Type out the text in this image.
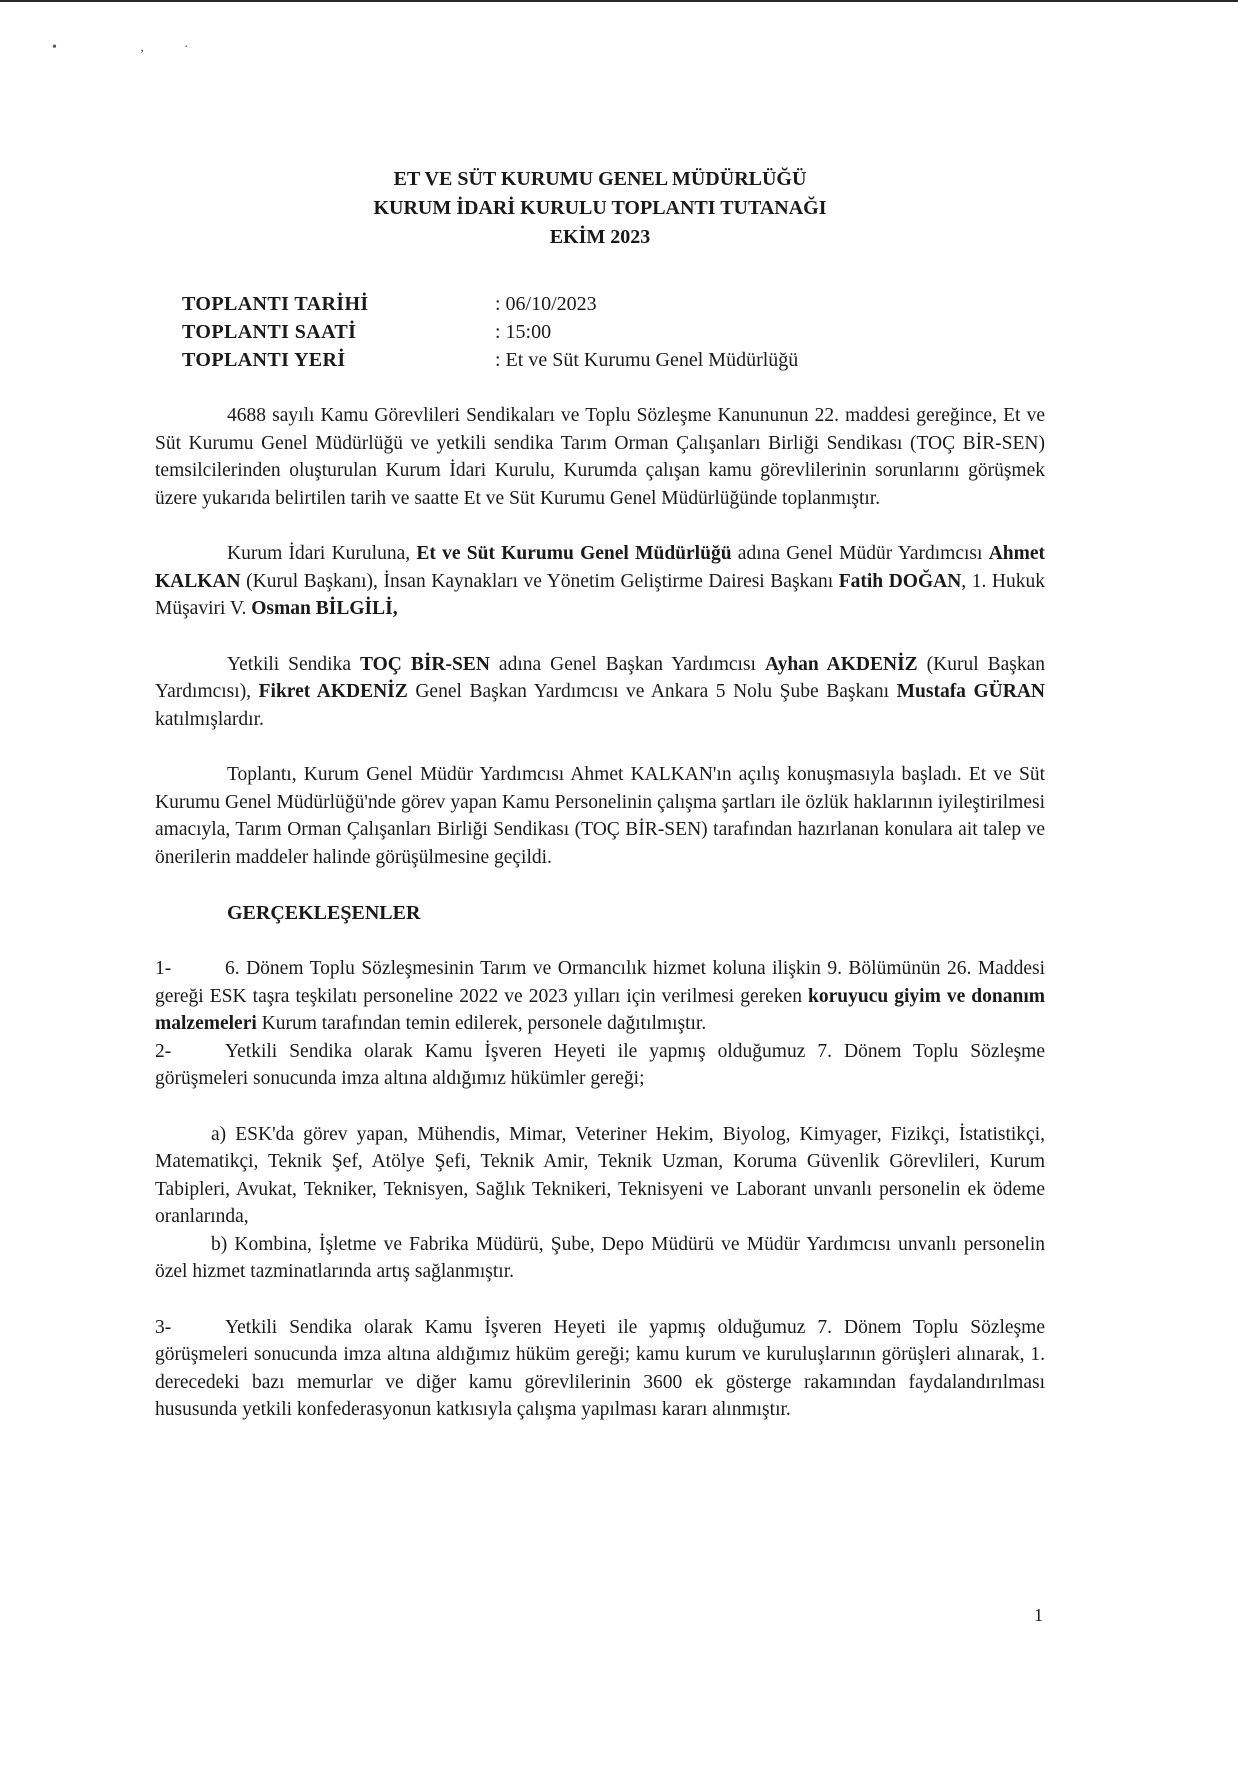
• ,·

ET VE SÜT KURUMU GENEL MÜDÜRLÜĞÜ

KURUM İDARİ KURULU TOPLANTI TUTANAĞI

EKİM 2023

TOPLANTI TARİHİ	: 06/10/2023
TOPLANTI SAATİ	: 15:00
TOPLANTI YERİ	: Et ve Süt Kurumu Genel Müdürlüğü

4688 sayılı Kamu Görevlileri Sendikaları ve Toplu Sözleşme Kanununun 22. maddesi gereğince, Et ve Süt Kurumu Genel Müdürlüğü ve yetkili sendika Tarım Orman Çalışanları Birliği Sendikası (TOÇ BİR-SEN) temsilcilerinden oluşturulan Kurum İdari Kurulu, Kurumda çalışan kamu görevlilerinin sorunlarını görüşmek üzere yukarıda belirtilen tarih ve saatte Et ve Süt Kurumu Genel Müdürlüğünde toplanmıştır.

Kurum İdari Kuruluna, Et ve Süt Kurumu Genel Müdürlüğü adına Genel Müdür Yardımcısı Ahmet KALKAN (Kurul Başkanı), İnsan Kaynakları ve Yönetim Geliştirme Dairesi Başkanı Fatih DOĞAN, 1. Hukuk Müşaviri V. Osman BİLGİLİ,

Yetkili Sendika TOÇ BİR-SEN adına Genel Başkan Yardımcısı Ayhan AKDENİZ (Kurul Başkan Yardımcısı), Fikret AKDENİZ Genel Başkan Yardımcısı ve Ankara 5 Nolu Şube Başkanı Mustafa GÜRAN katılmışlardır.

Toplantı, Kurum Genel Müdür Yardımcısı Ahmet KALKAN'ın açılış konuşmasıyla başladı. Et ve Süt Kurumu Genel Müdürlüğü'nde görev yapan Kamu Personelinin çalışma şartları ile özlük haklarının iyileştirilmesi amacıyla, Tarım Orman Çalışanları Birliği Sendikası (TOÇ BİR-SEN) tarafından hazırlanan konulara ait talep ve önerilerin maddeler halinde görüşülmesine geçildi.

GERÇEKLEŞENLER

1-	6. Dönem Toplu Sözleşmesinin Tarım ve Ormancılık hizmet koluna ilişkin 9. Bölümünün 26. Maddesi gereği ESK taşra teşkilatı personeline 2022 ve 2023 yılları için verilmesi gereken koruyucu giyim ve donanım malzemeleri Kurum tarafından temin edilerek, personele dağıtılmıştır.

2-	Yetkili Sendika olarak Kamu İşveren Heyeti ile yapmış olduğumuz 7. Dönem Toplu Sözleşme görüşmeleri sonucunda imza altına aldığımız hükümler gereği;

a) ESK'da görev yapan, Mühendis, Mimar, Veteriner Hekim, Biyolog, Kimyager, Fizikçi, İstatistikçi, Matematikçi, Teknik Şef, Atölye Şefi, Teknik Amir, Teknik Uzman, Koruma Güvenlik Görevlileri, Kurum Tabipleri, Avukat, Tekniker, Teknisyen, Sağlık Teknikeri, Teknisyeni ve Laborant unvanlı personelin ek ödeme oranlarında,

b) Kombina, İşletme ve Fabrika Müdürü, Şube, Depo Müdürü ve Müdür Yardımcısı unvanlı personelin özel hizmet tazminatlarında artış sağlanmıştır.

3-	Yetkili Sendika olarak Kamu İşveren Heyeti ile yapmış olduğumuz 7. Dönem Toplu Sözleşme görüşmeleri sonucunda imza altına aldığımız hüküm gereği; kamu kurum ve kuruluşlarının görüşleri alınarak, 1. derecedeki bazı memurlar ve diğer kamu görevlilerinin 3600 ek gösterge rakamından faydalandırılması hususunda yetkili konfederasyonun katkısıyla çalışma yapılması kararı alınmıştır.

1
